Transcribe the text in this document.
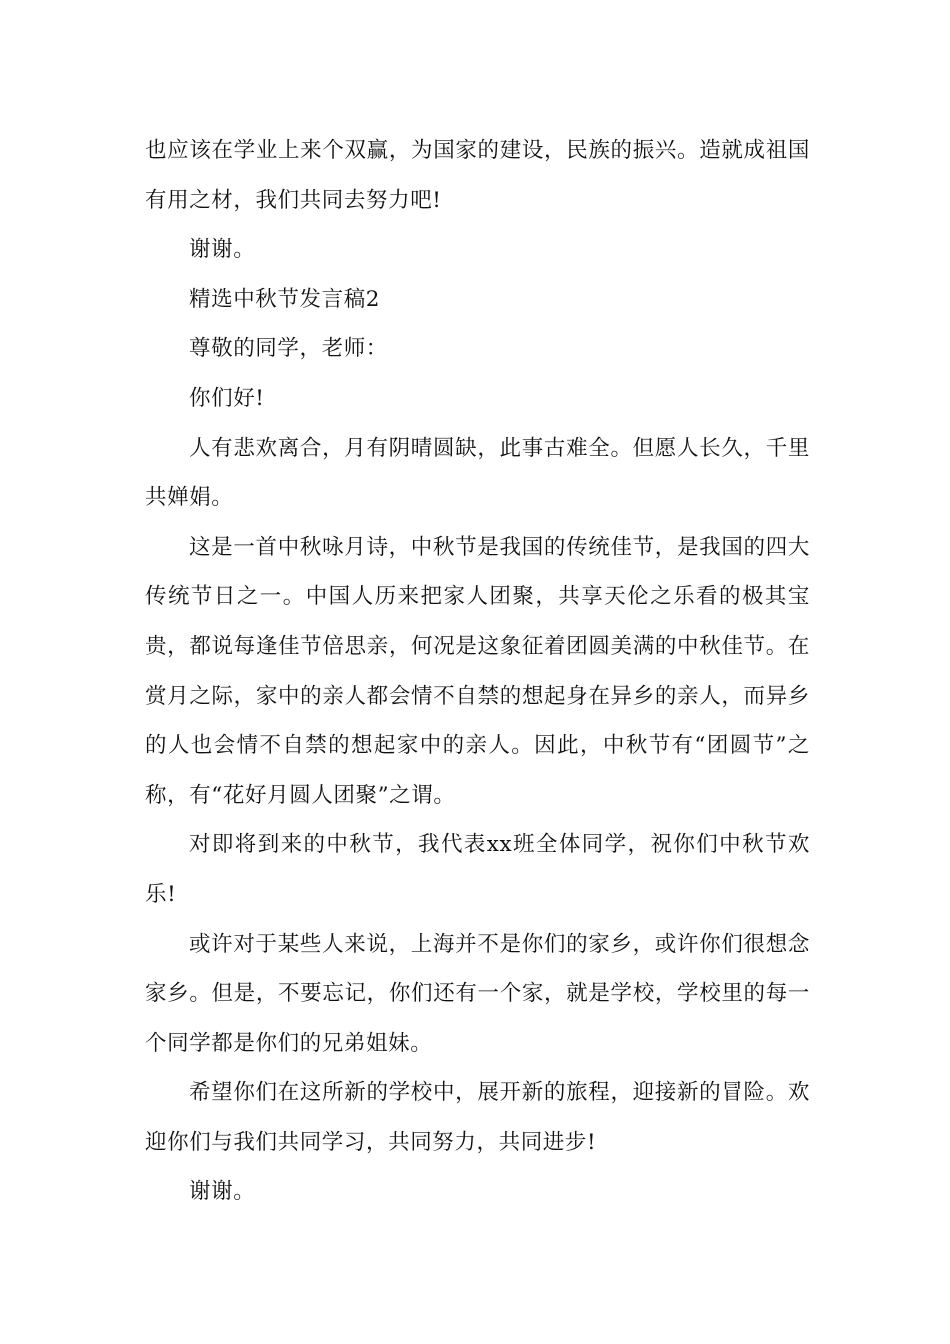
也应该在学业上来个双赢，为国家的建设，民族的振兴。造就成祖国有用之材，我们共同去努力吧!

谢谢。

精选中秋节发言稿2

尊敬的同学，老师：

你们好!

人有悲欢离合，月有阴晴圆缺，此事古难全。但愿人长久，千里共婵娟。

这是一首中秋咏月诗，中秋节是我国的传统佳节，是我国的四大传统节日之一。中国人历来把家人团聚，共享天伦之乐看的极其宝贵，都说每逢佳节倍思亲，何况是这象征着团圆美满的中秋佳节。在赏月之际，家中的亲人都会情不自禁的想起身在异乡的亲人，而异乡的人也会情不自禁的想起家中的亲人。因此，中秋节有“团圆节”之称，有“花好月圆人团聚”之谓。

对即将到来的中秋节，我代表xx班全体同学，祝你们中秋节欢乐!

或许对于某些人来说，上海并不是你们的家乡，或许你们很想念家乡。但是，不要忘记，你们还有一个家，就是学校，学校里的每一个同学都是你们的兄弟姐妹。

希望你们在这所新的学校中，展开新的旅程，迎接新的冒险。欢迎你们与我们共同学习，共同努力，共同进步!

谢谢。
